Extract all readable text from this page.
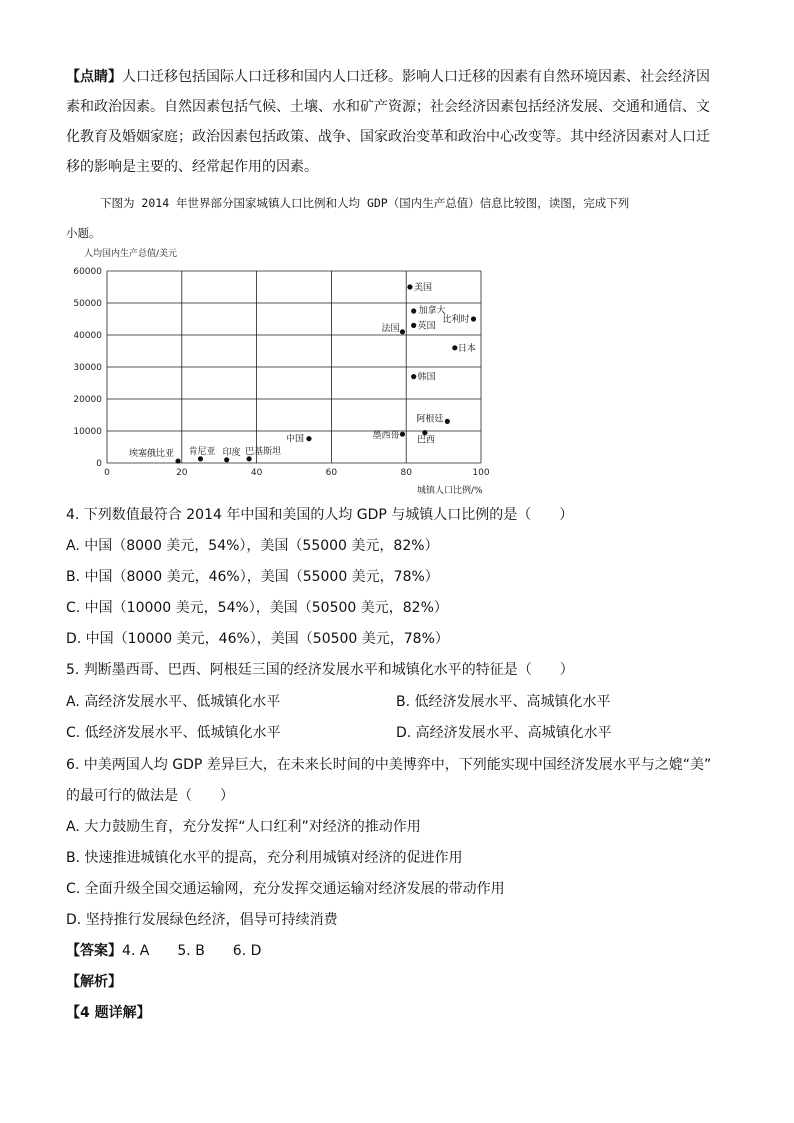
【点睛】人口迁移包括国际人口迁移和国内人口迁移。影响人口迁移的因素有自然环境因素、社会经济因
素和政治因素。自然因素包括气候、土壤、水和矿产资源；社会经济因素包括经济发展、交通和通信、文
化教育及婚姻家庭；政治因素包括政策、战争、国家政治变革和政治中心改变等。其中经济因素对人口迁
移的影响是主要的、经常起作用的因素。
下图为 2014 年世界部分国家城镇人口比例和人均 GDP（国内生产总值）信息比较图，读图，完成下列
小题。
人均国内生产总值/美元
城镇人口比例/%
0
10000
20000
30000
40000
50000
60000
0	20	40	60	80	100
美国
加拿大
英国
法国
比利时
日本
韩国
阿根廷
巴西
墨西哥
中国
埃塞俄比亚 肯尼亚 印度 巴基斯坦
4. 下列数值最符合 2014 年中国和美国的人均 GDP 与城镇人口比例的是（　　）
A. 中国（8000 美元，54%），美国（55000 美元，82%）
B. 中国（8000 美元，46%），美国（55000 美元，78%）
C. 中国（10000 美元，54%），美国（50500 美元，82%）
D. 中国（10000 美元，46%），美国（50500 美元，78%）
5. 判断墨西哥、巴西、阿根廷三国的经济发展水平和城镇化水平的特征是（　　）
A. 高经济发展水平、低城镇化水平	B. 低经济发展水平、高城镇化水平
C. 低经济发展水平、低城镇化水平	D. 高经济发展水平、高城镇化水平
6. 中美两国人均 GDP 差异巨大，在未来长时间的中美博弈中，下列能实现中国经济发展水平与之媲“美”
的最可行的做法是（　　）
A. 大力鼓励生育，充分发挥“人口红利”对经济的推动作用
B. 快速推进城镇化水平的提高，充分利用城镇对经济的促进作用
C. 全面升级全国交通运输网，充分发挥交通运输对经济发展的带动作用
D. 坚持推行发展绿色经济，倡导可持续消费
【答案】4. A　　5. B　　6. D
【解析】
【4 题详解】
